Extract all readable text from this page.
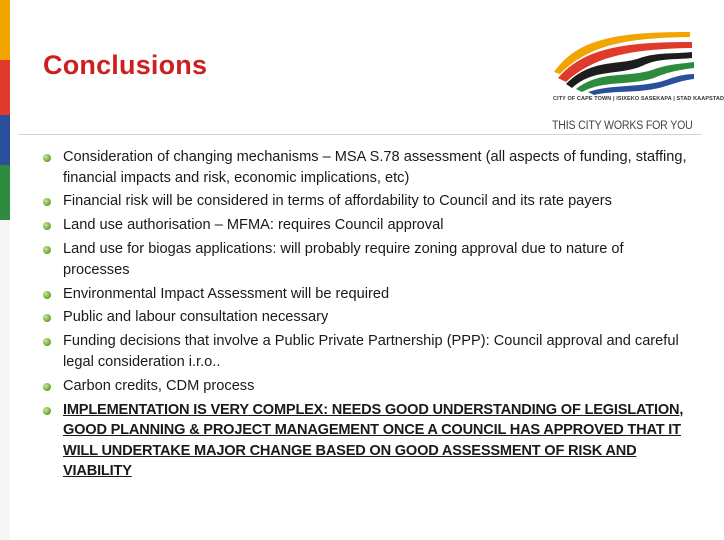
Conclusions
CITY OF CAPE TOWN | ISIXEKO SASEKAPA | STAD KAAPSTAD
THIS CITY WORKS FOR YOU
Consideration of changing mechanisms – MSA S.78 assessment (all aspects of funding, staffing, financial impacts and risk, economic implications, etc)
Financial risk will be considered in terms of affordability to Council and its rate payers
Land use authorisation – MFMA: requires Council approval
Land use for biogas applications: will probably require zoning approval due to nature of processes
Environmental Impact Assessment will be required
Public and labour consultation necessary
Funding decisions that involve a Public Private Partnership (PPP): Council approval and careful legal consideration i.r.o..
Carbon credits, CDM process
IMPLEMENTATION IS VERY COMPLEX: NEEDS GOOD UNDERSTANDING OF LEGISLATION, GOOD PLANNING & PROJECT MANAGEMENT ONCE A COUNCIL HAS APPROVED THAT IT WILL UNDERTAKE MAJOR CHANGE BASED ON GOOD ASSESSMENT OF RISK AND VIABILITY
